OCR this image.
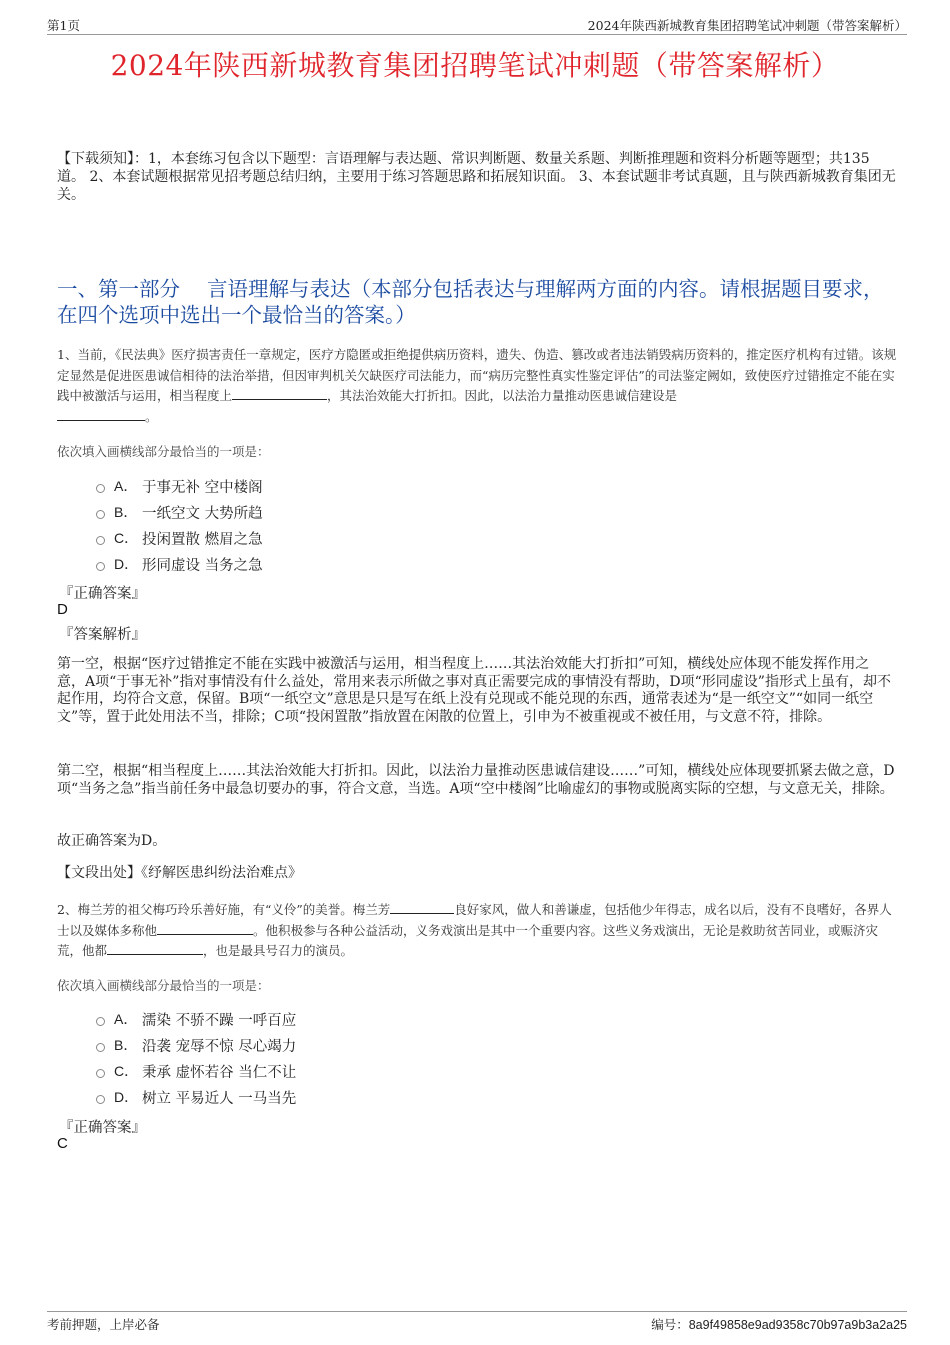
第1页	2024年陕西新城教育集团招聘笔试冲刺题（带答案解析）
2024年陕西新城教育集团招聘笔试冲刺题（带答案解析）
【下载须知】：1，本套练习包含以下题型：言语理解与表达题、常识判断题、数量关系题、判断推理题和资料分析题等题型；共135道。 2、本套试题根据常见招考题总结归纳，主要用于练习答题思路和拓展知识面。 3、本套试题非考试真题，且与陕西新城教育集团无关。
一、第一部分　 言语理解与表达（本部分包括表达与理解两方面的内容。请根据题目要求，在四个选项中选出一个最恰当的答案。）
1、当前，《民法典》医疗损害责任一章规定，医疗方隐匿或拒绝提供病历资料，遗失、伪造、篡改或者违法销毁病历资料的，推定医疗机构有过错。该规定显然是促进医患诚信相待的法治举措，但因审判机关欠缺医疗司法能力，而“病历完整性真实性鉴定评估”的司法鉴定阙如，致使医疗过错推定不能在实践中被激活与运用，相当程度上	，其法治效能大打折扣。因此，以法治力量推动医患诚信建设是
。
依次填入画横线部分最恰当的一项是：
A． 于事无补 空中楼阁
B． 一纸空文 大势所趋
C． 投闲置散 燃眉之急
D． 形同虚设 当务之急
『正确答案』
D
『答案解析』
第一空，根据“医疗过错推定不能在实践中被激活与运用，相当程度上……其法治效能大打折扣”可知，横线处应体现不能发挥作用之意，A项“于事无补”指对事情没有什么益处，常用来表示所做之事对真正需要完成的事情没有帮助，D项“形同虚设”指形式上虽有，却不起作用，均符合文意，保留。B项“一纸空文”意思是只是写在纸上没有兑现或不能兑现的东西，通常表述为“是一纸空文”“如同一纸空文”等，置于此处用法不当，排除；C项“投闲置散”指放置在闲散的位置上，引申为不被重视或不被任用，与文意不符，排除。
第二空，根据“相当程度上……其法治效能大打折扣。因此，以法治力量推动医患诚信建设……”可知，横线处应体现要抓紧去做之意，D项“当务之急”指当前任务中最急切要办的事，符合文意，当选。A项“空中楼阁”比喻虚幻的事物或脱离实际的空想，与文意无关，排除。
故正确答案为D。
【文段出处】《纾解医患纠纷法治难点》
2、梅兰芳的祖父梅巧玲乐善好施，有“义伶”的美誉。梅兰芳	良好家风，做人和善谦虚，包括他少年得志，成名以后，没有不良嗜好，各界人士以及媒体多称他	。他积极参与各种公益活动，义务戏演出是其中一个重要内容。这些义务戏演出，无论是救助贫苦同业，或赈济灾荒，他都	，也是最具号召力的演员。
依次填入画横线部分最恰当的一项是：
A． 濡染 不骄不躁 一呼百应
B． 沿袭 宠辱不惊 尽心竭力
C． 秉承 虚怀若谷 当仁不让
D． 树立 平易近人 一马当先
『正确答案』
C
考前押题，上岸必备	编号：8a9f49858e9ad9358c70b97a9b3a2a25
